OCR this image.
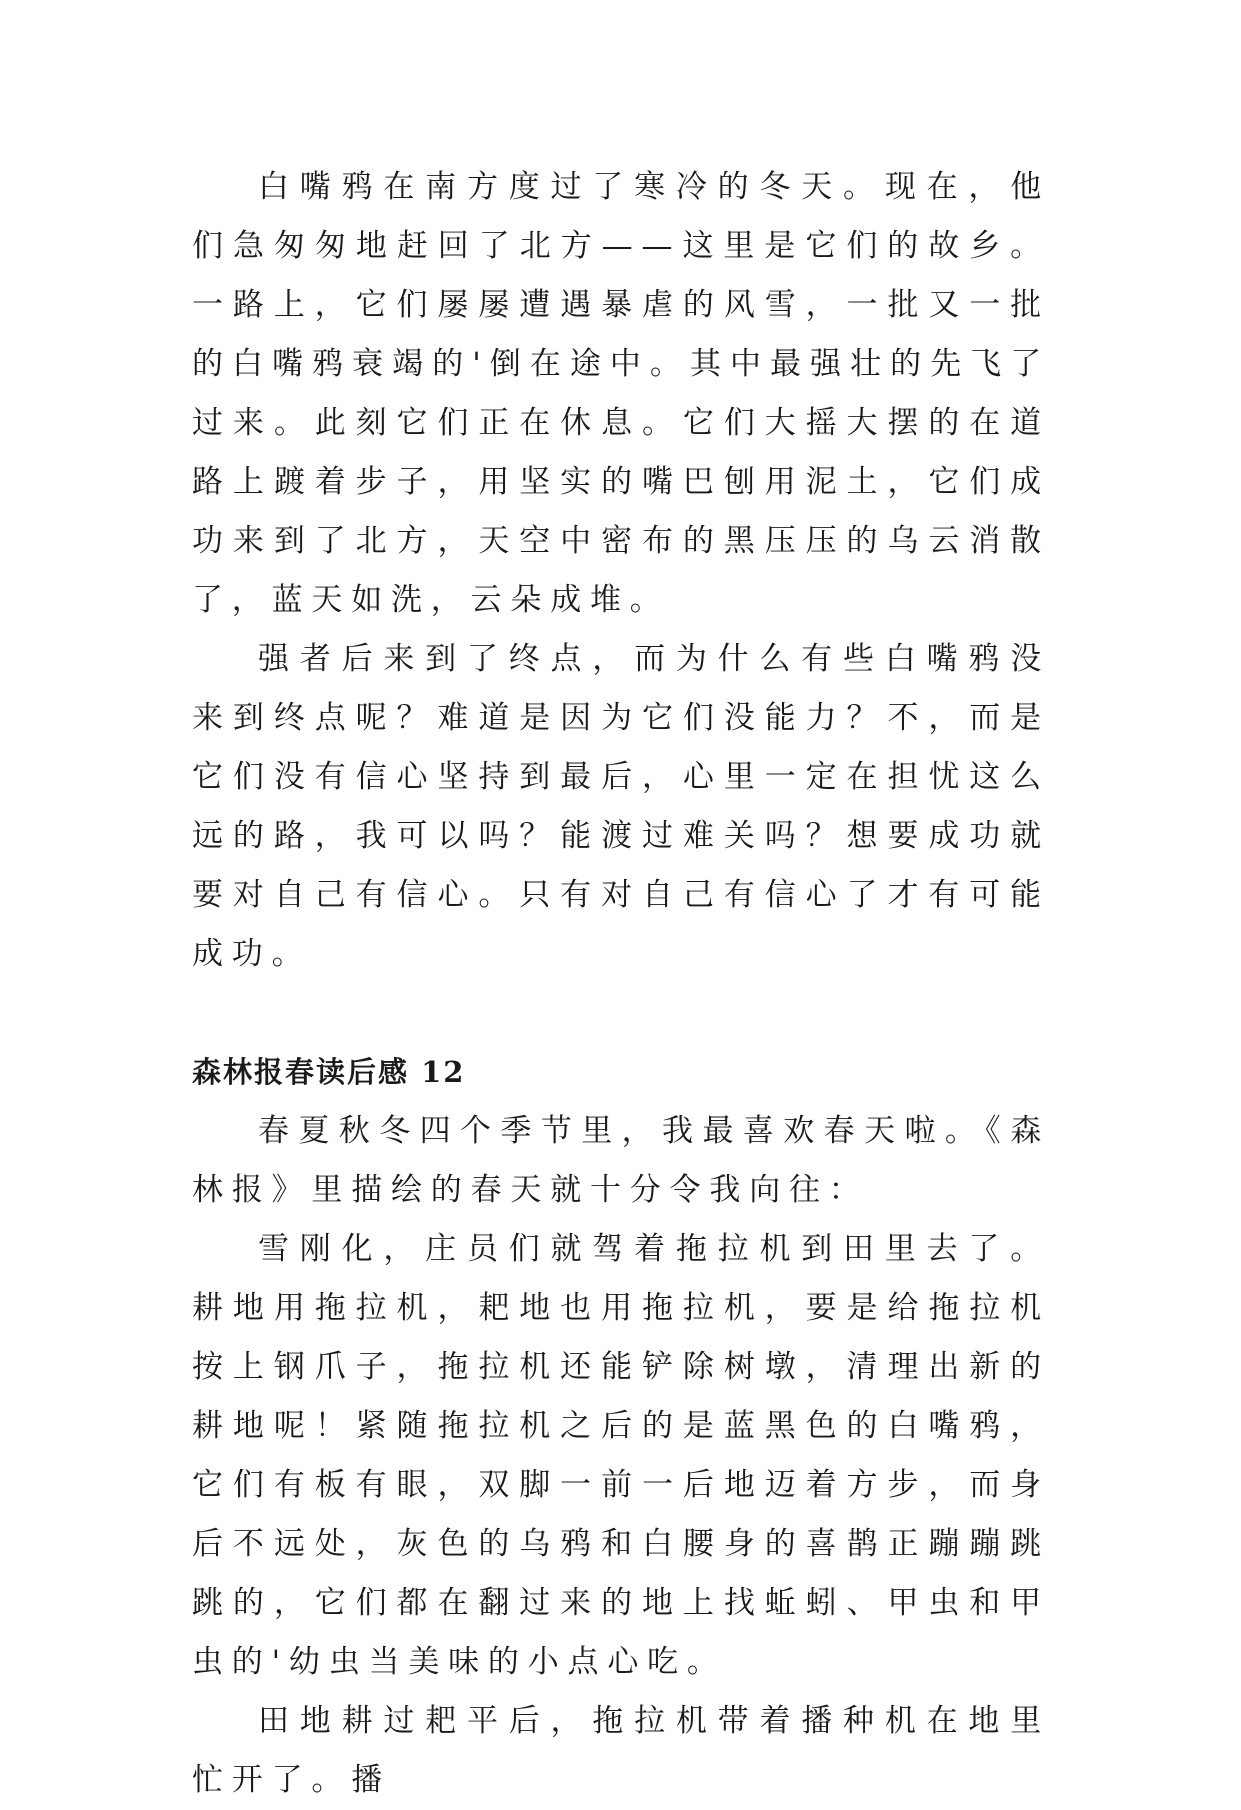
白嘴鸦在南方度过了寒冷的冬天。现在，他们急匆匆地赶回了北方——这里是它们的故乡。一路上，它们屡屡遭遇暴虐的风雪，一批又一批的白嘴鸦衰竭的'倒在途中。其中最强壮的先飞了过来。此刻它们正在休息。它们大摇大摆的在道路上踱着步子，用坚实的嘴巴刨用泥土，它们成功来到了北方，天空中密布的黑压压的乌云消散了，蓝天如洗，云朵成堆。

强者后来到了终点，而为什么有些白嘴鸦没来到终点呢？难道是因为它们没能力？不，而是它们没有信心坚持到最后，心里一定在担忧这么远的路，我可以吗？能渡过难关吗？想要成功就要对自己有信心。只有对自己有信心了才有可能成功。

森林报春读后感 12

春夏秋冬四个季节里，我最喜欢春天啦。《森林报》里描绘的春天就十分令我向往：

雪刚化，庄员们就驾着拖拉机到田里去了。耕地用拖拉机，耙地也用拖拉机，要是给拖拉机按上钢爪子，拖拉机还能铲除树墩，清理出新的耕地呢！紧随拖拉机之后的是蓝黑色的白嘴鸦，它们有板有眼，双脚一前一后地迈着方步，而身后不远处，灰色的乌鸦和白腰身的喜鹊正蹦蹦跳跳的，它们都在翻过来的地上找蚯蚓、甲虫和甲虫的'幼虫当美味的小点心吃。

田地耕过耙平后，拖拉机带着播种机在地里忙开了。播
